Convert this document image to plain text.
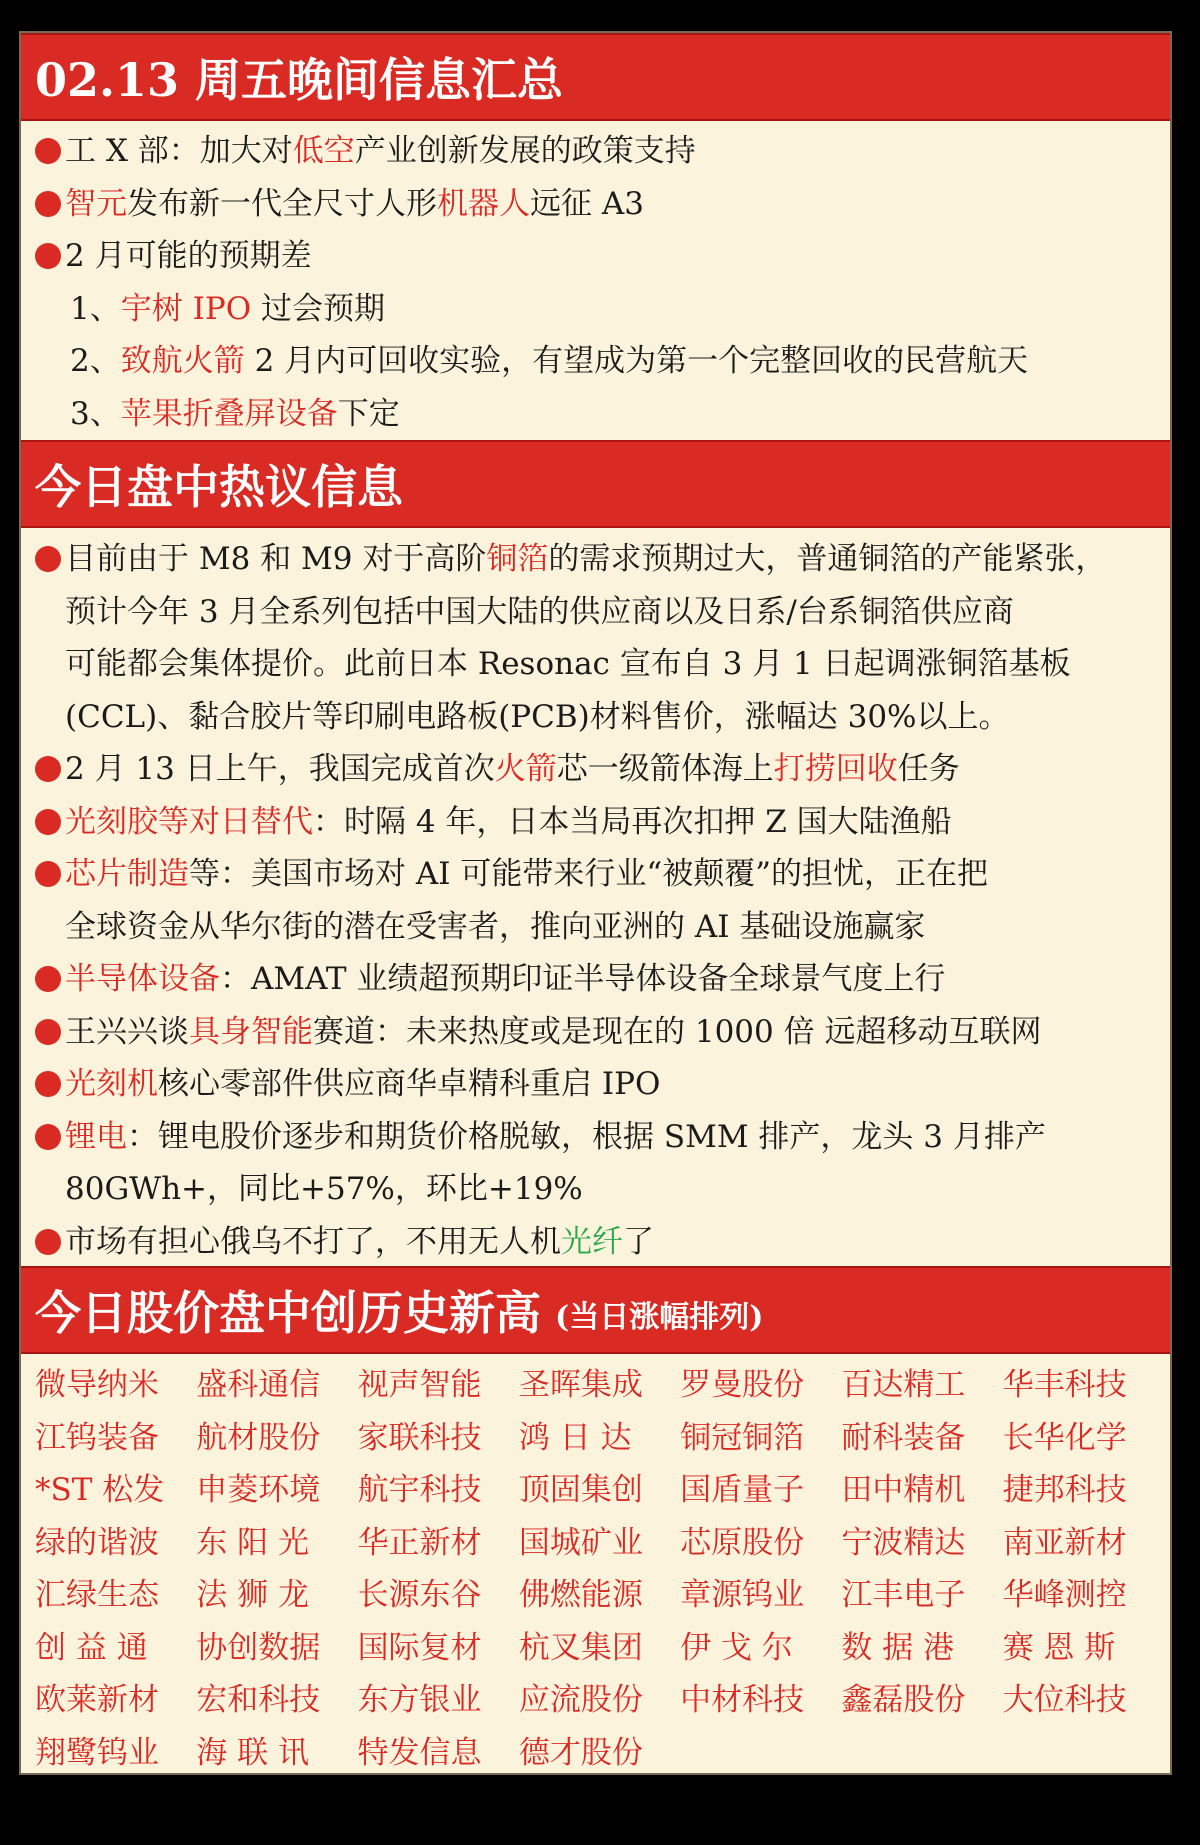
02.13 周五晚间信息汇总
工 X 部：加大对低空产业创新发展的政策支持
智元发布新一代全尺寸人形机器人远征 A3
2 月可能的预期差
1、宇树 IPO 过会预期
2、致航火箭 2 月内可回收实验，有望成为第一个完整回收的民营航天
3、苹果折叠屏设备下定
今日盘中热议信息
目前由于 M8 和 M9 对于高阶铜箔的需求预期过大，普通铜箔的产能紧张，
预计今年 3 月全系列包括中国大陆的供应商以及日系/台系铜箔供应商
可能都会集体提价。此前日本 Resonac 宣布自 3 月 1 日起调涨铜箔基板
(CCL)、黏合胶片等印刷电路板(PCB)材料售价，涨幅达 30%以上。
2 月 13 日上午，我国完成首次火箭芯一级箭体海上打捞回收任务
光刻胶等对日替代：时隔 4 年，日本当局再次扣押 Z 国大陆渔船
芯片制造等：美国市场对 AI 可能带来行业“被颠覆”的担忧，正在把
全球资金从华尔街的潜在受害者，推向亚洲的 AI 基础设施赢家
半导体设备：AMAT 业绩超预期印证半导体设备全球景气度上行
王兴兴谈具身智能赛道：未来热度或是现在的 1000 倍 远超移动互联网
光刻机核心零部件供应商华卓精科重启 IPO
锂电：锂电股价逐步和期货价格脱敏，根据 SMM 排产，龙头 3 月排产
80GWh+，同比+57%，环比+19%
市场有担心俄乌不打了，不用无人机光纤了
今日股价盘中创历史新高 (当日涨幅排列)
微导纳米	盛科通信	视声智能	圣晖集成	罗曼股份	百达精工	华丰科技
江钨装备	航材股份	家联科技	鸿 日 达	铜冠铜箔	耐科装备	长华化学
*ST 松发	申菱环境	航宇科技	顶固集创	国盾量子	田中精机	捷邦科技
绿的谐波	东 阳 光	华正新材	国城矿业	芯原股份	宁波精达	南亚新材
汇绿生态	法 狮 龙	长源东谷	佛燃能源	章源钨业	江丰电子	华峰测控
创 益 通	协创数据	国际复材	杭叉集团	伊 戈 尔	数 据 港	赛 恩 斯
欧莱新材	宏和科技	东方银业	应流股份	中材科技	鑫磊股份	大位科技
翔鹭钨业	海 联 讯	特发信息	德才股份
